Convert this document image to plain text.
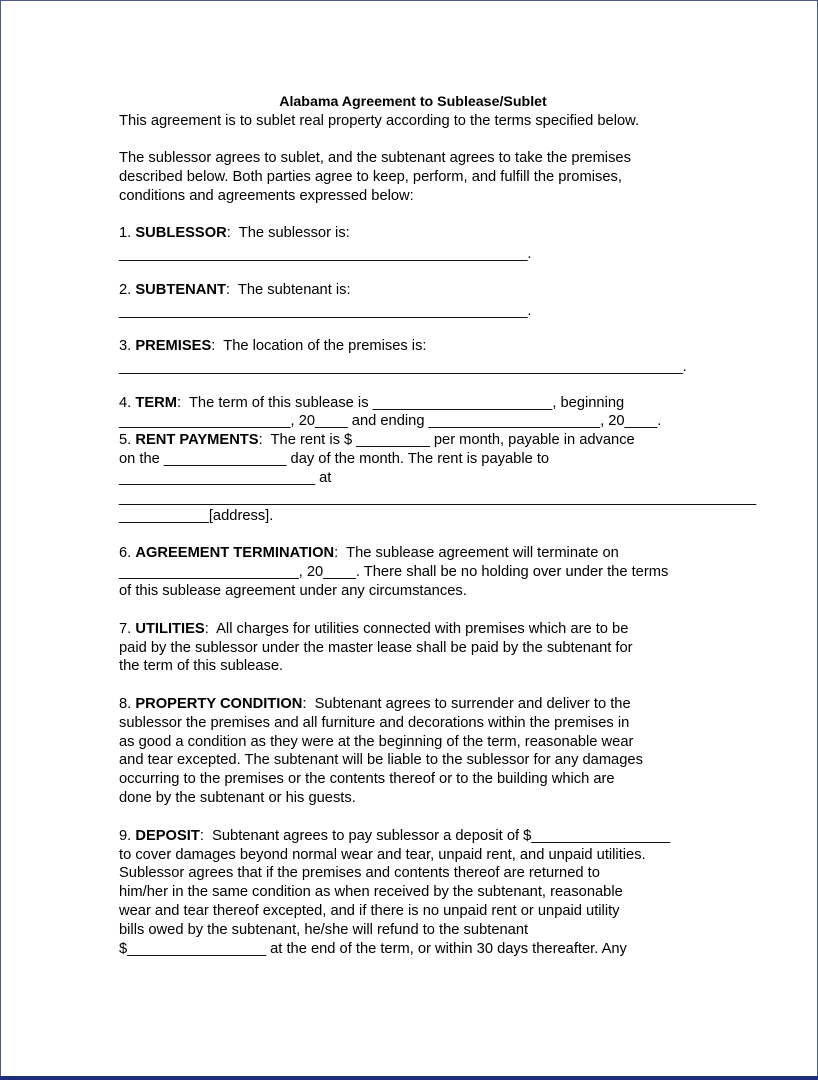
Alabama Agreement to Sublease/Sublet
This agreement is to sublet real property according to the terms specified below.
The sublessor agrees to sublet, and the subtenant agrees to take the premises
described below. Both parties agree to keep, perform, and fulfill the promises,
conditions and agreements expressed below:
1. SUBLESSOR:  The sublessor is:
__________________________________________________.
2. SUBTENANT:  The subtenant is:
__________________________________________________.
3. PREMISES:  The location of the premises is:
_____________________________________________________________________.
4. TERM:  The term of this sublease is ______________________, beginning
_____________________, 20____ and ending _____________________, 20____.
5. RENT PAYMENTS:  The rent is $ _________ per month, payable in advance
on the _______________ day of the month. The rent is payable to
________________________ at
______________________________________________________________________________
___________[address].
6. AGREEMENT TERMINATION:  The sublease agreement will terminate on
______________________, 20____. There shall be no holding over under the terms
of this sublease agreement under any circumstances.
7. UTILITIES:  All charges for utilities connected with premises which are to be
paid by the sublessor under the master lease shall be paid by the subtenant for
the term of this sublease.
8. PROPERTY CONDITION:  Subtenant agrees to surrender and deliver to the
sublessor the premises and all furniture and decorations within the premises in
as good a condition as they were at the beginning of the term, reasonable wear
and tear excepted. The subtenant will be liable to the sublessor for any damages
occurring to the premises or the contents thereof or to the building which are
done by the subtenant or his guests.
9. DEPOSIT:  Subtenant agrees to pay sublessor a deposit of $_________________
to cover damages beyond normal wear and tear, unpaid rent, and unpaid utilities.
Sublessor agrees that if the premises and contents thereof are returned to
him/her in the same condition as when received by the subtenant, reasonable
wear and tear thereof excepted, and if there is no unpaid rent or unpaid utility
bills owed by the subtenant, he/she will refund to the subtenant
$_________________ at the end of the term, or within 30 days thereafter. Any
